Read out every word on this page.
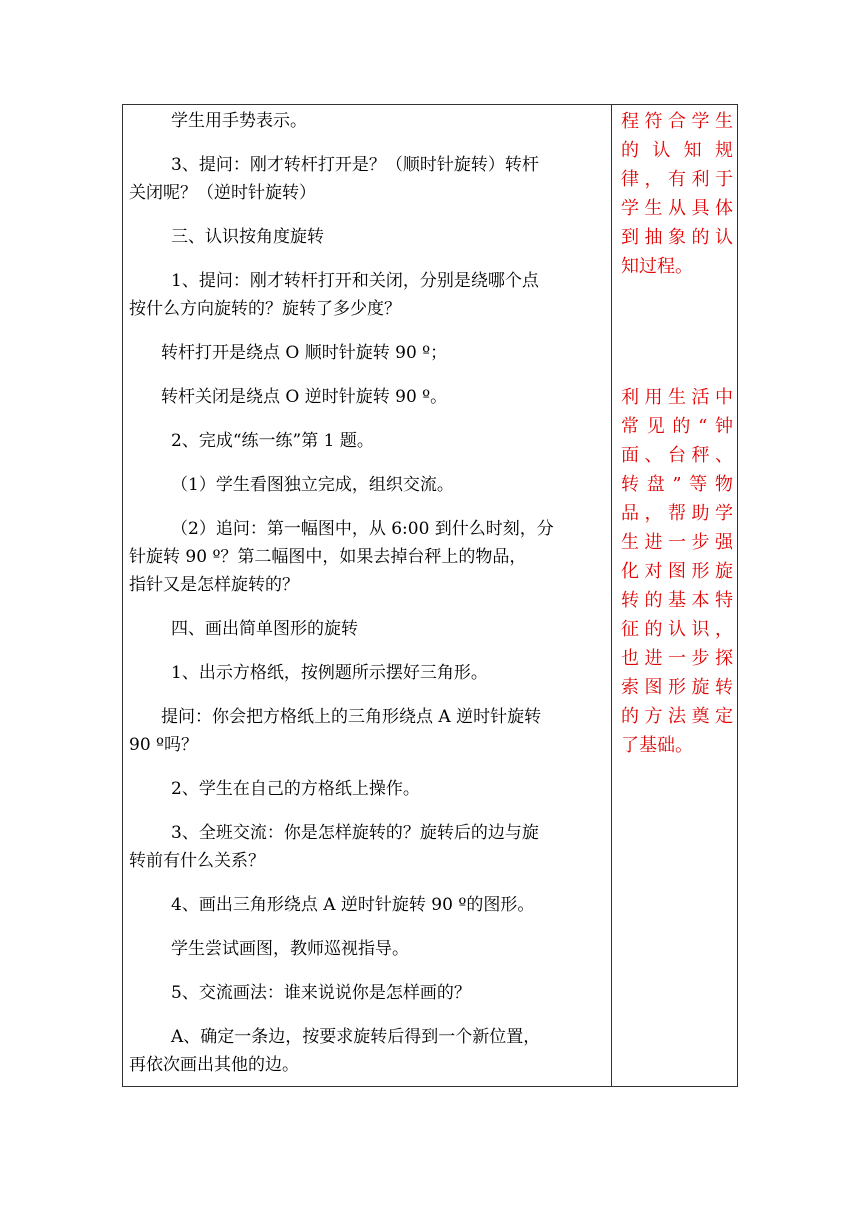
学生用手势表示。

3、提问：刚才转杆打开是？（顺时针旋转）转杆

关闭呢？（逆时针旋转）

三、认识按角度旋转

1、提问：刚才转杆打开和关闭，分别是绕哪个点

按什么方向旋转的？旋转了多少度？

转杆打开是绕点 O 顺时针旋转 90 º；

转杆关闭是绕点 O 逆时针旋转 90 º。

2、完成“练一练”第 1 题。

（1）学生看图独立完成，组织交流。

（2）追问：第一幅图中，从 6:00 到什么时刻，分

针旋转 90 º？第二幅图中，如果去掉台秤上的物品，

指针又是怎样旋转的？

四、画出简单图形的旋转

1、出示方格纸，按例题所示摆好三角形。

提问：你会把方格纸上的三角形绕点 A 逆时针旋转

90 º吗？

2、学生在自己的方格纸上操作。

3、全班交流：你是怎样旋转的？旋转后的边与旋

转前有什么关系？

4、画出三角形绕点 A 逆时针旋转 90 º的图形。

学生尝试画图，教师巡视指导。

5、交流画法：谁来说说你是怎样画的？

A、确定一条边，按要求旋转后得到一个新位置，

再依次画出其他的边。

程符合学生
的认知规
律，有利于
学生从具体
到抽象的认
知过程。
利用生活中
常见的“钟
面、台秤、
转盘”等物
品，帮助学
生进一步强
化对图形旋
转的基本特
征的认识，
也进一步探
索图形旋转
的方法奠定
了基础。
